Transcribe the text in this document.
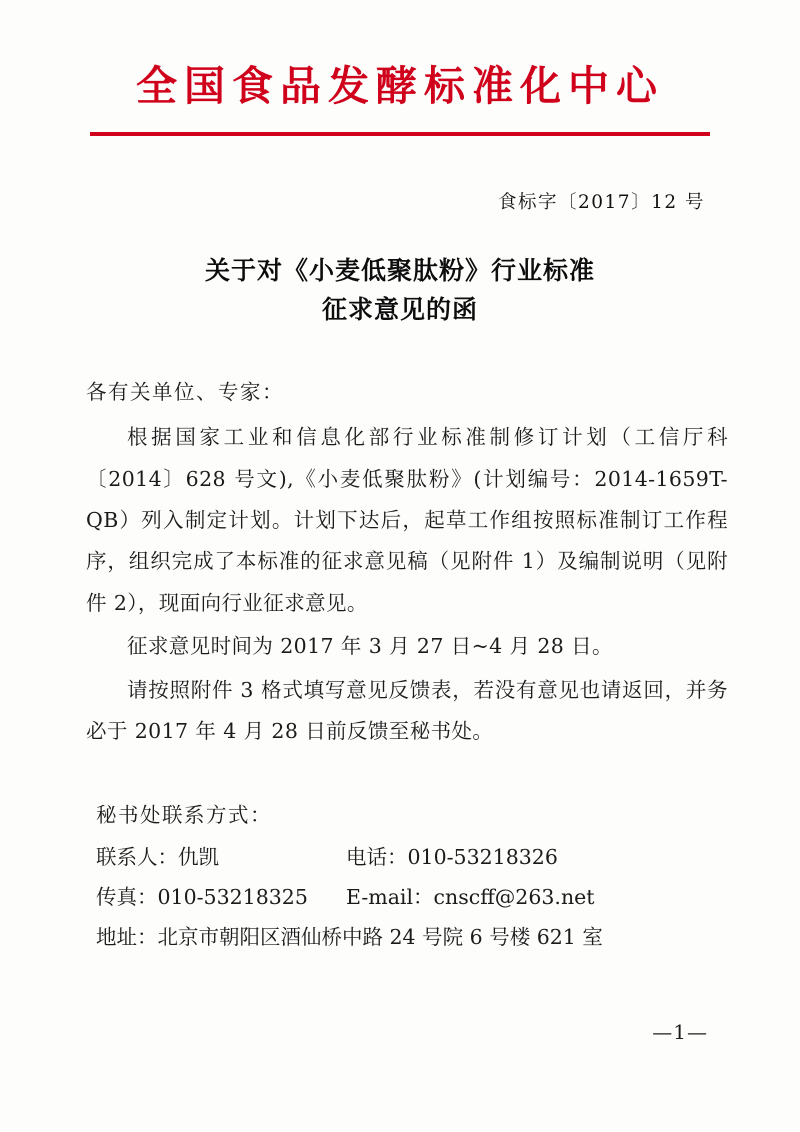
全国食品发酵标准化中心
食标字〔2017〕12 号
关于对《小麦低聚肽粉》行业标准
征求意见的函
各有关单位、专家：

根据国家工业和信息化部行业标准制修订计划（工信厅科〔2014〕628 号文),《小麦低聚肽粉》(计划编号：2014-1659T-QB）列入制定计划。计划下达后，起草工作组按照标准制订工作程序，组织完成了本标准的征求意见稿（见附件 1）及编制说明（见附件 2），现面向行业征求意见。

征求意见时间为 2017 年 3 月 27 日~4 月 28 日。

请按照附件 3 格式填写意见反馈表，若没有意见也请返回，并务必于 2017 年 4 月 28 日前反馈至秘书处。

秘书处联系方式：
联系人：仇凯	电话：010-53218326
传真：010-53218325	E-mail：cnscff@263.net
地址：北京市朝阳区酒仙桥中路 24 号院 6 号楼 621 室
—1—
